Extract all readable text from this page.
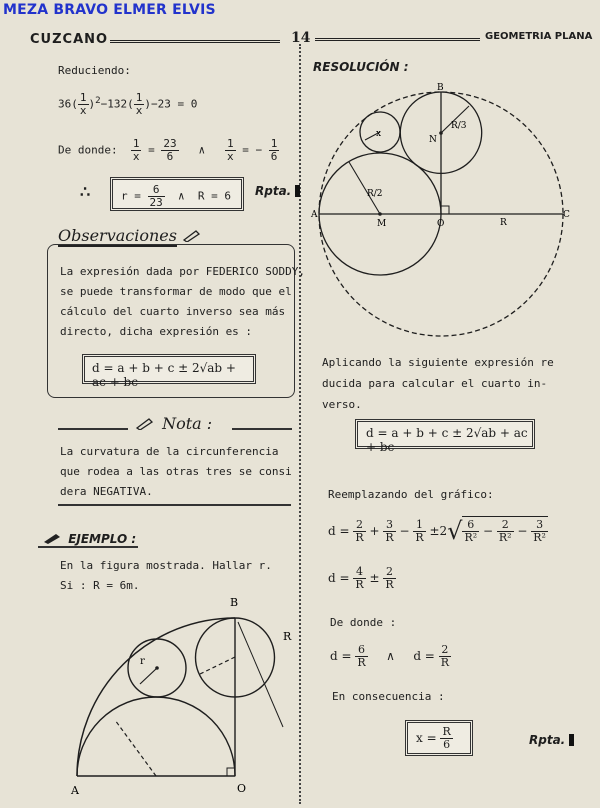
MEZA BRAVO ELMER ELVIS
CUZCANO	14	GEOMETRIA PLANA
Reduciendo:
$36( \frac{1}{x} )^2-132( \frac{1}{x} )-23 = 0$
De donde: $\frac{1}{x} = \frac{23}{6}$ ∧ $\frac{1}{x}$ = − $\frac{1}{6}$
∴	$r = \frac{6}{23}$ ∧ R = 6 Rpta.
Observaciones
La expresión dada por FEDERICO SODDY,
se puede transformar de modo que el
cálculo del cuarto inverso sea más
directo, dicha expresión es :
d = a + b + c ± 2√ab + ac + bc
Nota :
La curvatura de la circunferencia
que rodea a las otras tres se consi
dera NEGATIVA.
EJEMPLO :
En la figura mostrada. Hallar r.
Si : R = 6m.
B
R
r
A	O
RESOLUCIÓN :
B
x
N
R/3
R/2
A
M	O	R
C
Aplicando la siguiente expresión re
ducida para calcular el cuarto in-
verso.
d = a + b + c ± 2√ab + ac + bc
Reemplazando del gráfico:
$d = \frac{2}{R} + \frac{3}{R} - \frac{1}{R} \pm 2√ \frac{6}{\text{R²}} - \frac{2}{\text{R²}} - \frac{3}{\text{R²}}$
$d = \frac{4}{R} \pm \frac{2}{R}$
De donde :
$d = \frac{6}{R}$ ∧ $d = \frac{2}{R}$
En consecuencia :
$x = \frac{R}{6}$	Rpta.
